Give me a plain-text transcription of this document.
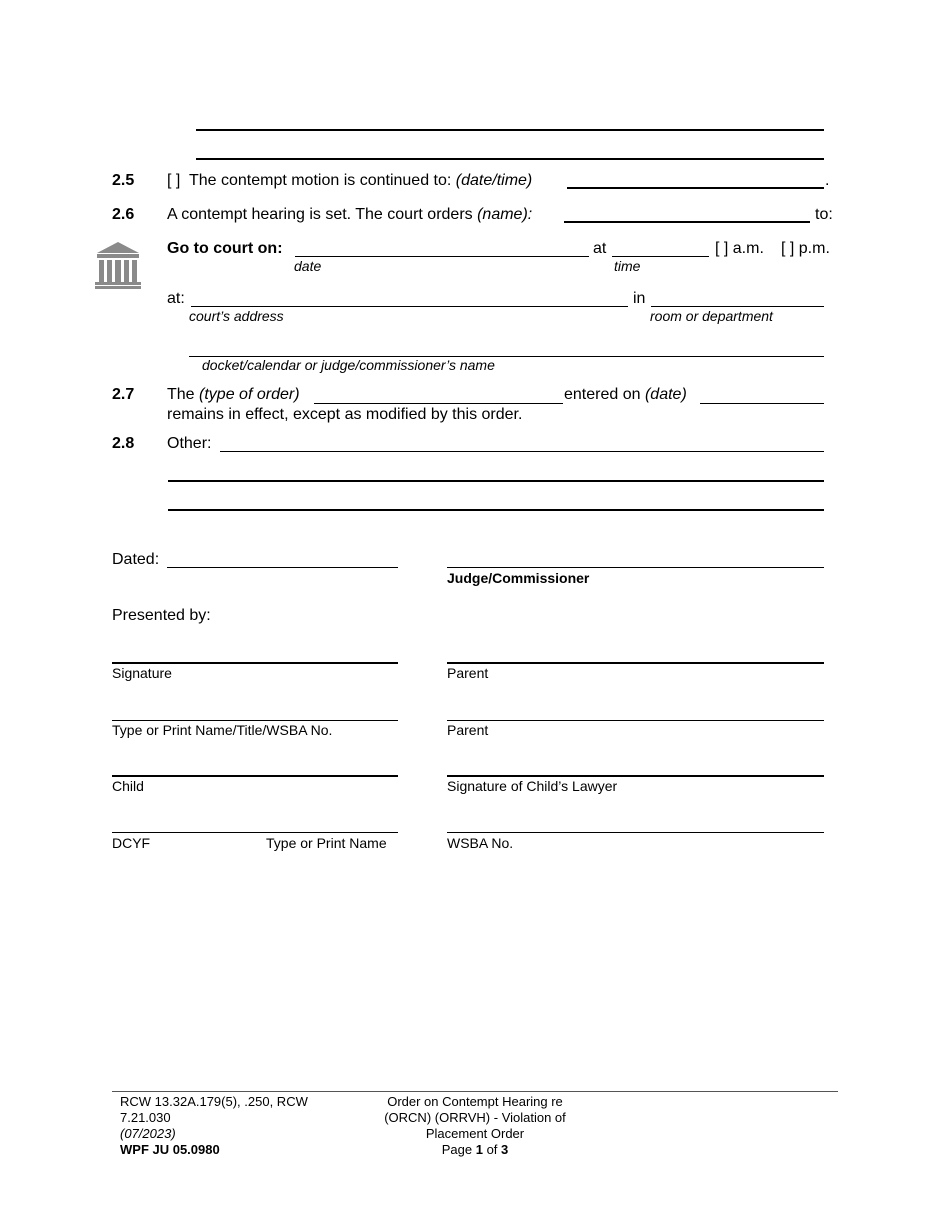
2.5 [ ] The contempt motion is continued to: (date/time)	.
2.6 A contempt hearing is set. The court orders (name):	to:
Go to court on:
date
at
time
[ ] a.m. [ ] p.m.
at:
court’s address
in
room or department
docket/calendar or judge/commissioner’s name
2.7 The (type of order)	entered on (date)
remains in effect, except as modified by this order.
2.8 Other:
Dated:
Judge/Commissioner
Presented by:
Signature	Parent
Type or Print Name/Title/WSBA No.	Parent
Child	Signature of Child’s Lawyer
DCYF	Type or Print Name	WSBA No.
RCW 13.32A.179(5), .250, RCW
7.21.030
(07/2023)
WPF JU 05.0980
Order on Contempt Hearing re
(ORCN) (ORRVH) - Violation of
Placement Order
Page 1 of 3
